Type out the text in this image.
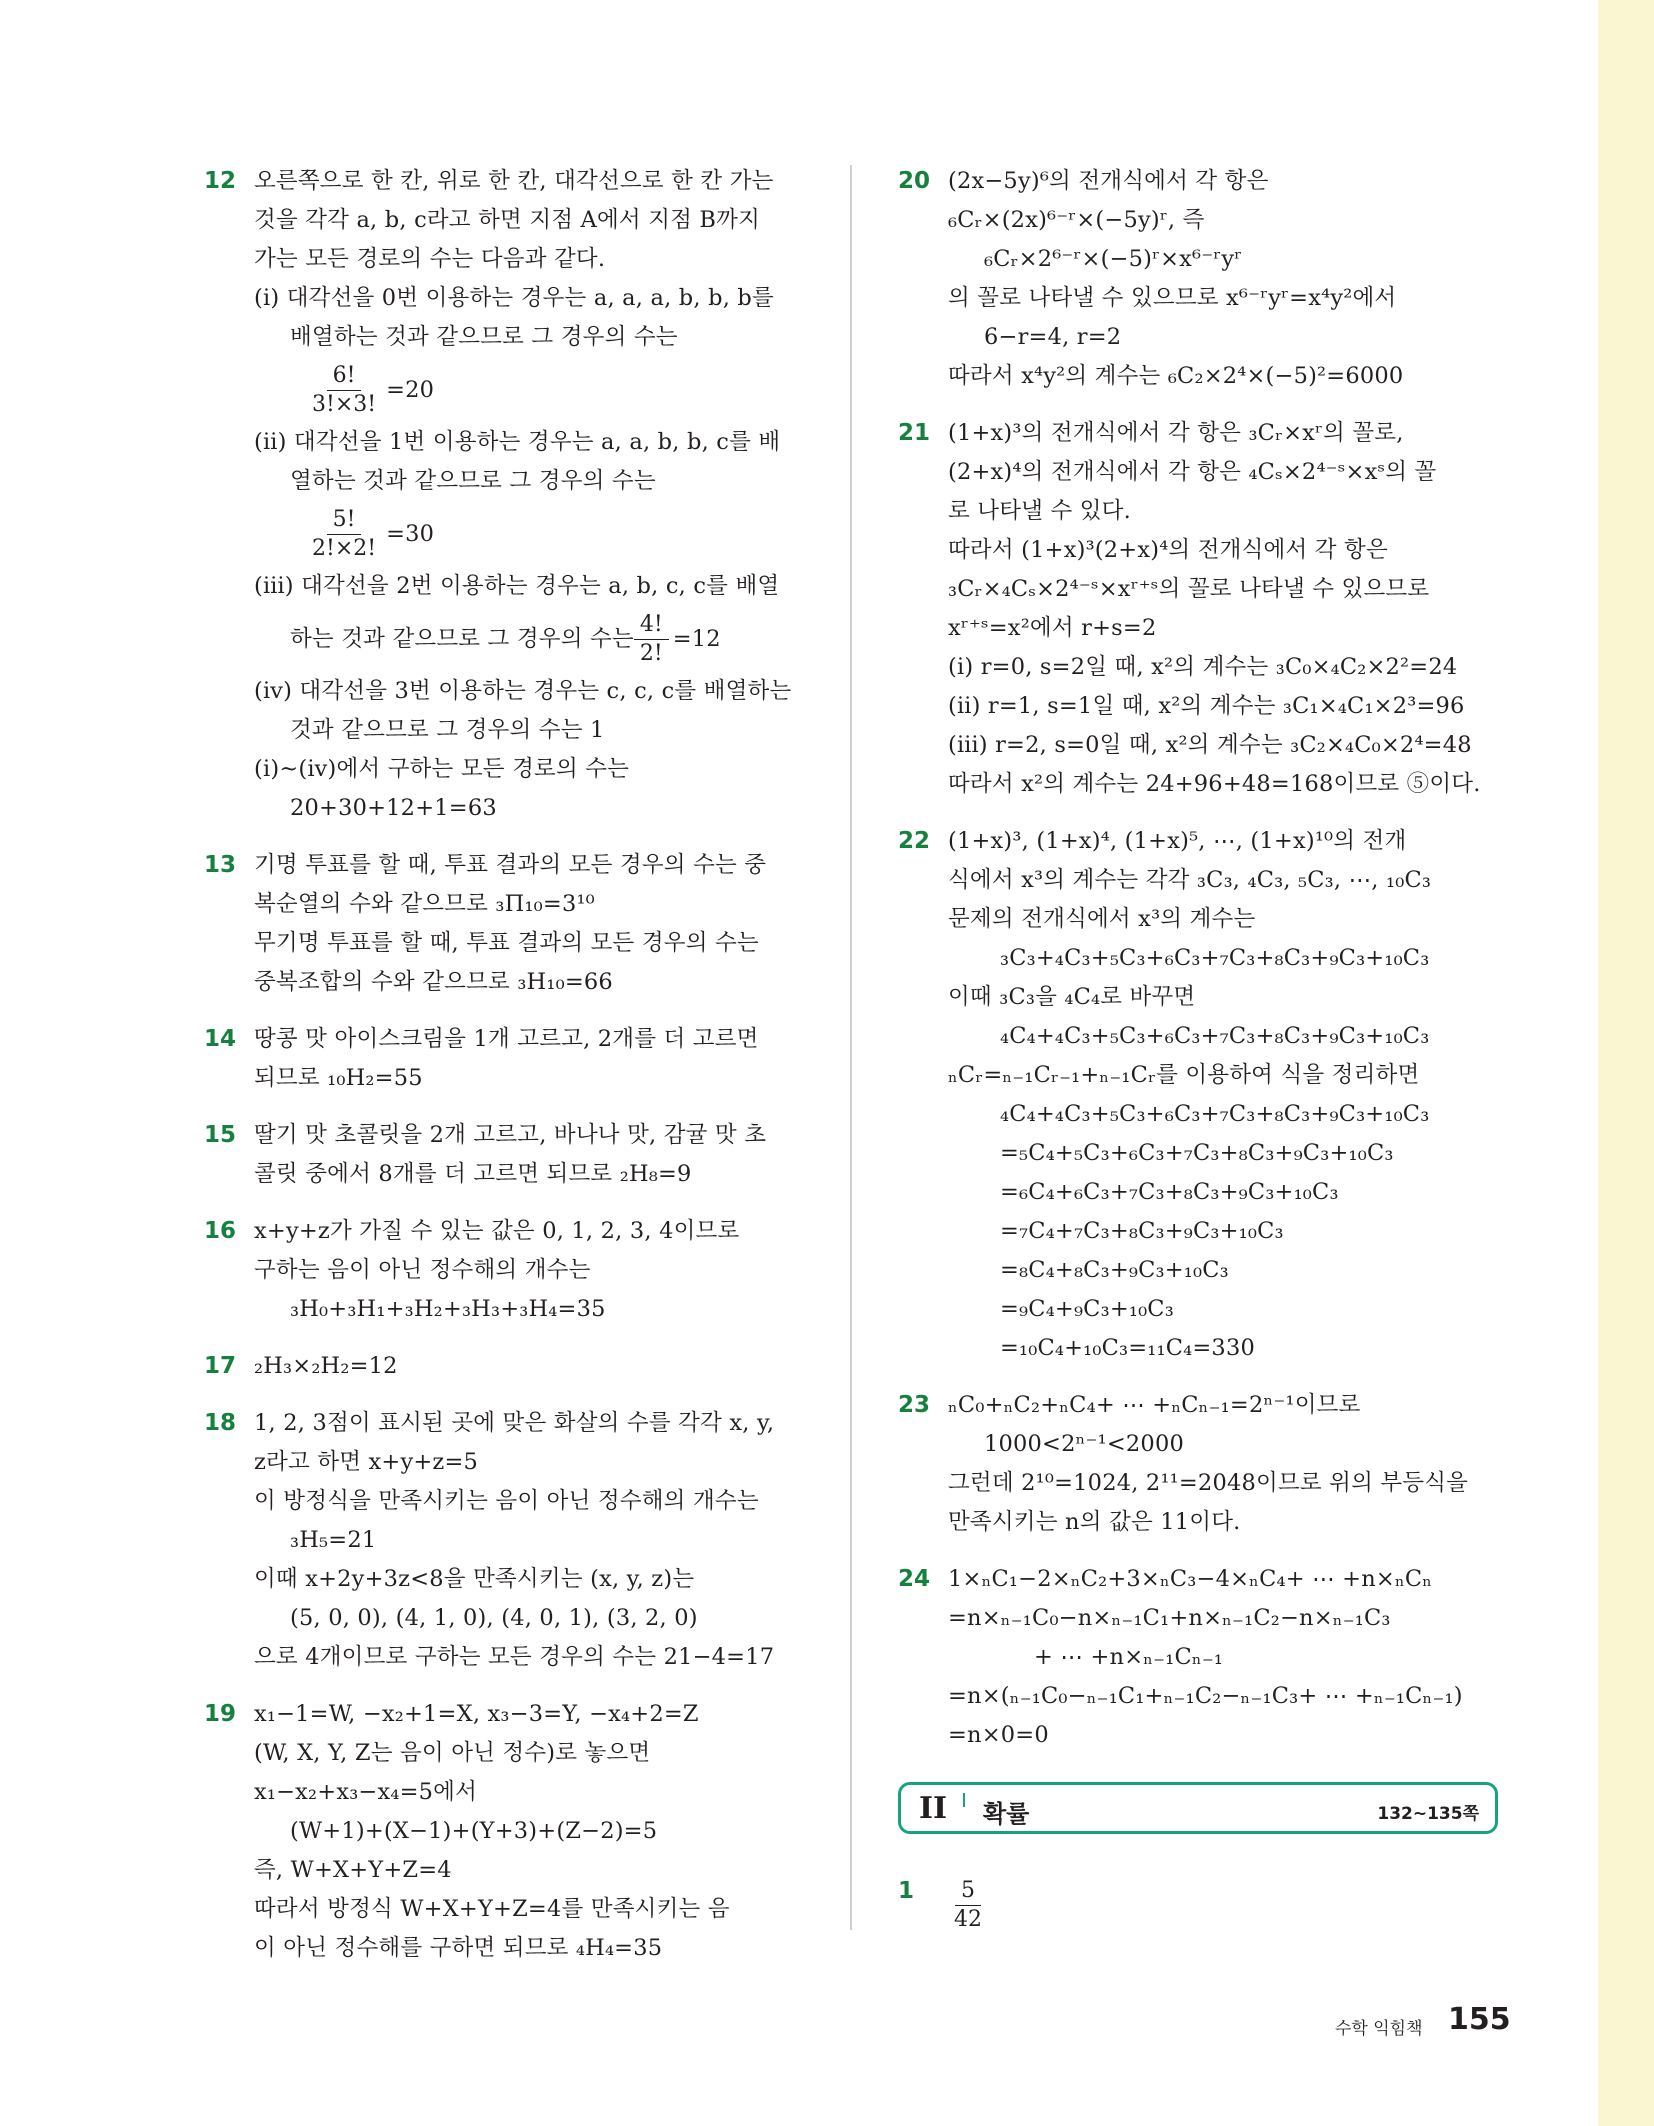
12 오른쪽으로 한 칸, 위로 한 칸, 대각선으로 한 칸 가는
것을 각각 a, b, c라고 하면 지점 A에서 지점 B까지
가는 모든 경로의 수는 다음과 같다.
(ⅰ) 대각선을 0번 이용하는 경우는 a, a, a, b, b, b를
배열하는 것과 같으므로 그 경우의 수는
$\frac{6!}{3!\times 3!} =20$
(ⅱ) 대각선을 1번 이용하는 경우는 a, a, b, b, c를 배
열하는 것과 같으므로 그 경우의 수는
$\frac{5!}{2!\times 2!} =30$
(ⅲ) 대각선을 2번 이용하는 경우는 a, b, c, c를 배열
하는 것과 같으므로 그 경우의 수는 $\frac{4!}{2!} =12$
(ⅳ) 대각선을 3번 이용하는 경우는 c, c, c를 배열하는
것과 같으므로 그 경우의 수는 1
(ⅰ)~(ⅳ)에서 구하는 모든 경로의 수는
20+30+12+1=63
13 기명 투표를 할 때, 투표 결과의 모든 경우의 수는 중
복순열의 수와 같으므로 ₃Π₁₀=3¹⁰
무기명 투표를 할 때, 투표 결과의 모든 경우의 수는
중복조합의 수와 같으므로 ₃H₁₀=66
14 땅콩 맛 아이스크림을 1개 고르고, 2개를 더 고르면
되므로 ₁₀H₂=55
15 딸기 맛 초콜릿을 2개 고르고, 바나나 맛, 감귤 맛 초
콜릿 중에서 8개를 더 고르면 되므로 ₂H₈=9
16 x+y+z가 가질 수 있는 값은 0, 1, 2, 3, 4이므로
구하는 음이 아닌 정수해의 개수는
₃H₀+₃H₁+₃H₂+₃H₃+₃H₄=35
17 ₂H₃×₂H₂=12
18 1, 2, 3점이 표시된 곳에 맞은 화살의 수를 각각 x, y,
z라고 하면 x+y+z=5
이 방정식을 만족시키는 음이 아닌 정수해의 개수는
₃H₅=21
이때 x+2y+3z<8을 만족시키는 (x, y, z)는
(5, 0, 0), (4, 1, 0), (4, 0, 1), (3, 2, 0)
으로 4개이므로 구하는 모든 경우의 수는 21−4=17
19 x₁−1=W, −x₂+1=X, x₃−3=Y, −x₄+2=Z
(W, X, Y, Z는 음이 아닌 정수)로 놓으면
x₁−x₂+x₃−x₄=5에서
(W+1)+(X−1)+(Y+3)+(Z−2)=5
즉, W+X+Y+Z=4
따라서 방정식 W+X+Y+Z=4를 만족시키는 음
이 아닌 정수해를 구하면 되므로 ₄H₄=35
20 (2x−5y)⁶의 전개식에서 각 항은
₆Cᵣ×(2x)⁶⁻ʳ×(−5y)ʳ, 즉
₆Cᵣ×2⁶⁻ʳ×(−5)ʳ×x⁶⁻ʳyʳ
의 꼴로 나타낼 수 있으므로 x⁶⁻ʳyʳ=x⁴y²에서
6−r=4, r=2
따라서 x⁴y²의 계수는 ₆C₂×2⁴×(−5)²=6000
21 (1+x)³의 전개식에서 각 항은 ₃Cᵣ×xʳ의 꼴로,
(2+x)⁴의 전개식에서 각 항은 ₄Cₛ×2⁴⁻ˢ×xˢ의 꼴
로 나타낼 수 있다.
따라서 (1+x)³(2+x)⁴의 전개식에서 각 항은
₃Cᵣ×₄Cₛ×2⁴⁻ˢ×xʳ⁺ˢ의 꼴로 나타낼 수 있으므로
xʳ⁺ˢ=x²에서 r+s=2
(ⅰ) r=0, s=2일 때, x²의 계수는 ₃C₀×₄C₂×2²=24
(ⅱ) r=1, s=1일 때, x²의 계수는 ₃C₁×₄C₁×2³=96
(ⅲ) r=2, s=0일 때, x²의 계수는 ₃C₂×₄C₀×2⁴=48
따라서 x²의 계수는 24+96+48=168이므로 ⑤이다.
22 (1+x)³, (1+x)⁴, (1+x)⁵, ⋯, (1+x)¹⁰의 전개
식에서 x³의 계수는 각각 ₃C₃, ₄C₃, ₅C₃, ⋯, ₁₀C₃
문제의 전개식에서 x³의 계수는
₃C₃+₄C₃+₅C₃+₆C₃+₇C₃+₈C₃+₉C₃+₁₀C₃
이때 ₃C₃을 ₄C₄로 바꾸면
₄C₄+₄C₃+₅C₃+₆C₃+₇C₃+₈C₃+₉C₃+₁₀C₃
ₙCᵣ=ₙ₋₁Cᵣ₋₁+ₙ₋₁Cᵣ를 이용하여 식을 정리하면
₄C₄+₄C₃+₅C₃+₆C₃+₇C₃+₈C₃+₉C₃+₁₀C₃
=₅C₄+₅C₃+₆C₃+₇C₃+₈C₃+₉C₃+₁₀C₃
=₆C₄+₆C₃+₇C₃+₈C₃+₉C₃+₁₀C₃
=₇C₄+₇C₃+₈C₃+₉C₃+₁₀C₃
=₈C₄+₈C₃+₉C₃+₁₀C₃
=₉C₄+₉C₃+₁₀C₃
=₁₀C₄+₁₀C₃=₁₁C₄=330
23 ₙC₀+ₙC₂+ₙC₄+ ⋯ +ₙCₙ₋₁=2ⁿ⁻¹이므로
1000<2ⁿ⁻¹<2000
그런데 2¹⁰=1024, 2¹¹=2048이므로 위의 부등식을
만족시키는 n의 값은 11이다.
24 1×ₙC₁−2×ₙC₂+3×ₙC₃−4×ₙC₄+ ⋯ +n×ₙCₙ
=n×ₙ₋₁C₀−n×ₙ₋₁C₁+n×ₙ₋₁C₂−n×ₙ₋₁C₃
+ ⋯ +n×ₙ₋₁Cₙ₋₁
=n×(ₙ₋₁C₀−ₙ₋₁C₁+ₙ₋₁C₂−ₙ₋₁C₃+ ⋯ +ₙ₋₁Cₙ₋₁)
=n×0=0
II 확률	132~135쪽
$1 \frac{5}{42}$
수학 익힘책 155
